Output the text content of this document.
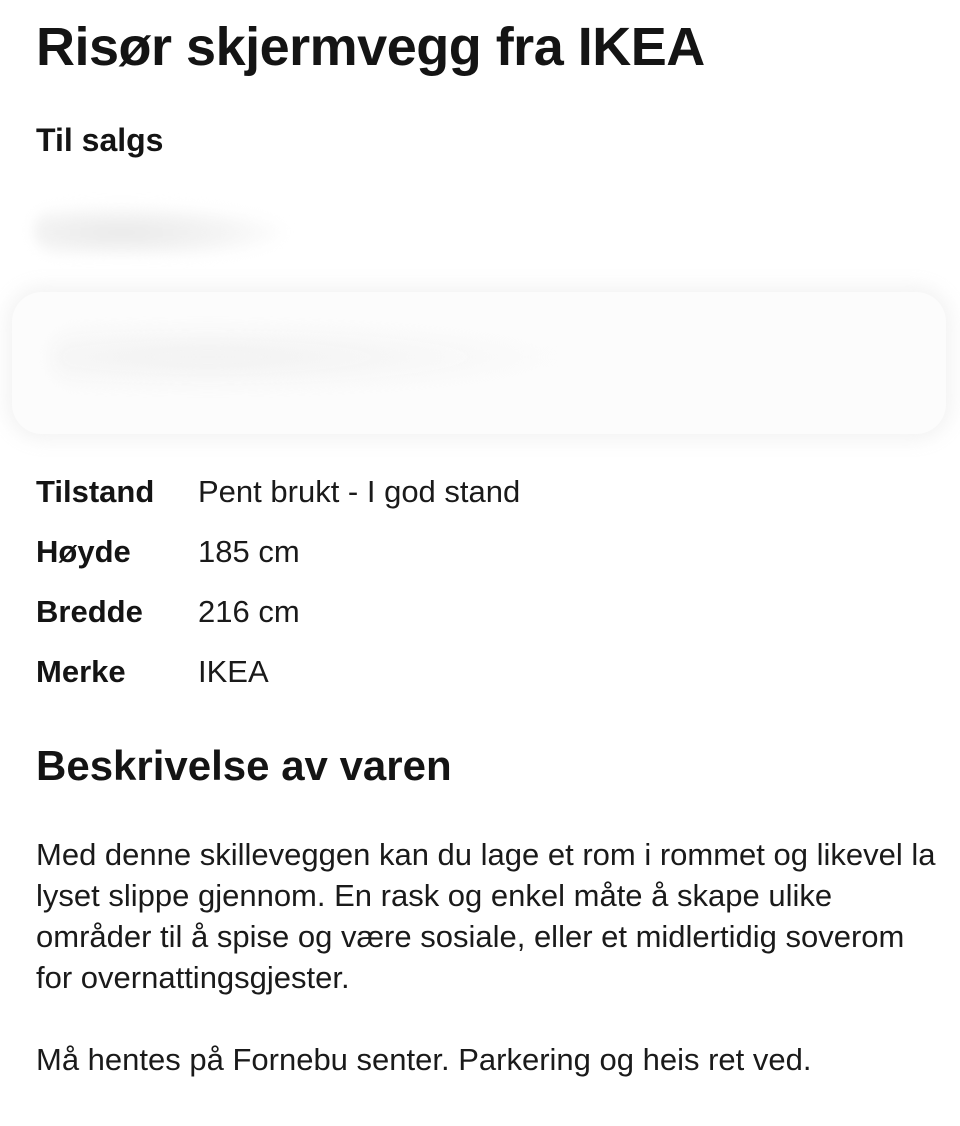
Risør skjermvegg fra IKEA
Til salgs
Tilstand	Pent brukt - I god stand
Høyde	185 cm
Bredde	216 cm
Merke	IKEA
Beskrivelse av varen

Med denne skilleveggen kan du lage et rom i rommet og likevel la lyset slippe gjennom. En rask og enkel måte å skape ulike områder til å spise og være sosiale, eller et midlertidig soverom for overnattingsgjester.

Må hentes på Fornebu senter. Parkering og heis ret ved.
